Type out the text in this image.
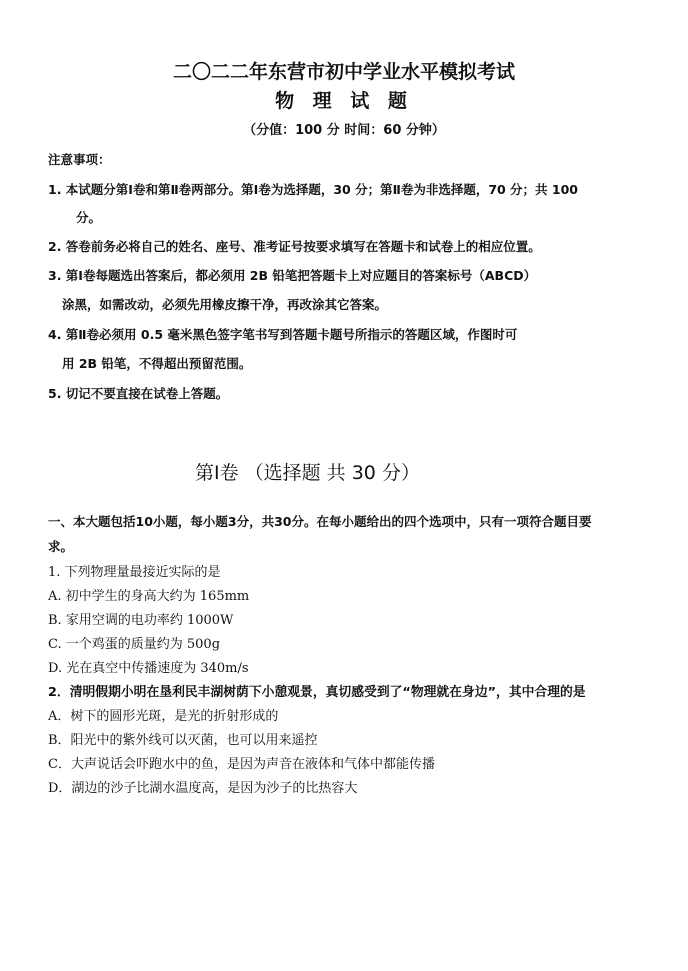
二〇二二年东营市初中学业水平模拟考试
物 理 试 题
（分值：100 分 时间：60 分钟）
注意事项：
1. 本试题分第Ⅰ卷和第Ⅱ卷两部分。第Ⅰ卷为选择题，30 分；第Ⅱ卷为非选择题，70 分；共 100
分。
2. 答卷前务必将自己的姓名、座号、准考证号按要求填写在答题卡和试卷上的相应位置。
3. 第Ⅰ卷每题选出答案后，都必须用 2B 铅笔把答题卡上对应题目的答案标号（ABCD）
涂黑，如需改动，必须先用橡皮擦干净，再改涂其它答案。
4. 第Ⅱ卷必须用 0.5 毫米黑色签字笔书写到答题卡题号所指示的答题区域，作图时可
用 2B 铅笔，不得超出预留范围。
5. 切记不要直接在试卷上答题。
第Ⅰ卷 （选择题 共 30 分）
一、本大题包括10小题，每小题3分，共30分。在每小题给出的四个选项中，只有一项符合题目要
求。
1. 下列物理量最接近实际的是
A. 初中学生的身高大约为 165mm
B. 家用空调的电功率约 1000W
C. 一个鸡蛋的质量约为 500g
D. 光在真空中传播速度为 340m/s
2．清明假期小明在垦利民丰湖树荫下小憩观景，真切感受到了“物理就在身边”，其中合理的是
A．树下的圆形光斑，是光的折射形成的
B．阳光中的紫外线可以灭菌，也可以用来遥控
C．大声说话会吓跑水中的鱼，是因为声音在液体和气体中都能传播
D．湖边的沙子比湖水温度高，是因为沙子的比热容大
